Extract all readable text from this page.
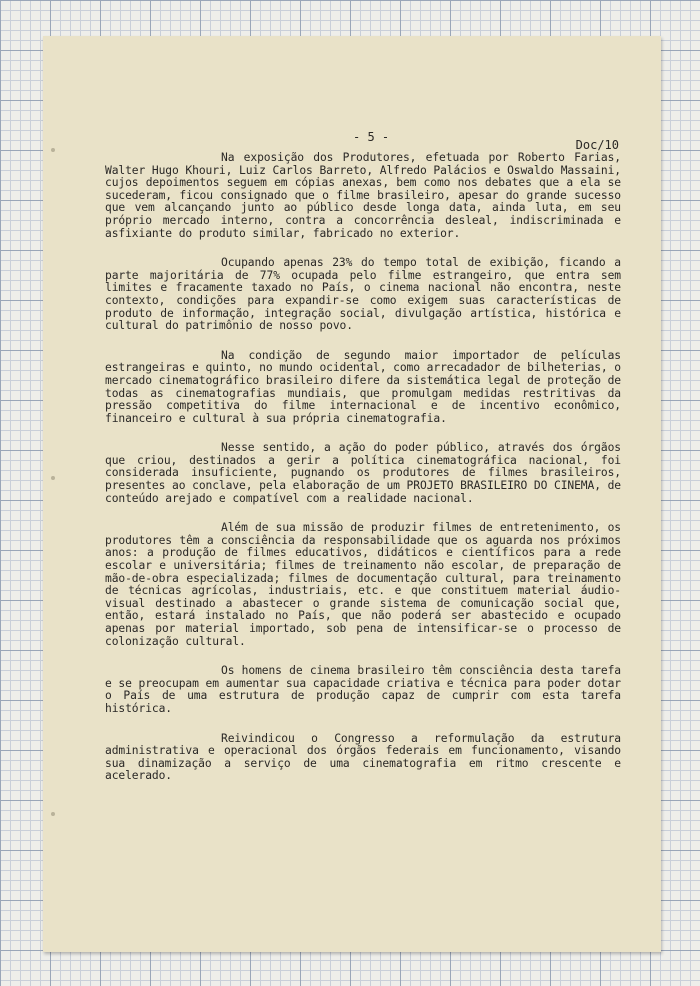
- 5 -
Doc/10

Na exposição dos Produtores, efetuada por Roberto Farias, Walter Hugo Khouri, Luiz Carlos Barreto, Alfredo Palácios e Oswaldo Massaini, cujos depoimentos seguem em cópias anexas, bem como nos debates que a ela se sucederam, ficou consignado que o filme brasileiro, apesar do grande sucesso que vem alcançando junto ao público desde longa data, ainda luta, em seu próprio mercado interno, contra a concorrência desleal, indiscriminada e asfixiante do produto similar, fabricado no exterior.

Ocupando apenas 23% do tempo total de exibição, ficando a parte majoritária de 77% ocupada pelo filme estrangeiro, que entra sem limites e fracamente taxado no País, o cinema nacional não encontra, neste contexto, condições para expandir-se como exigem suas características de produto de informação, integração social, divulgação artística, histórica e cultural do patrimônio de nosso povo.

Na condição de segundo maior importador de películas estrangeiras e quinto, no mundo ocidental, como arrecadador de bilheterias, o mercado cinematográfico brasileiro difere da sistemática legal de proteção de todas as cinematografias mundiais, que promulgam medidas restritivas da pressão competitiva do filme internacional e de incentivo econômico, financeiro e cultural à sua própria cinematografia.

Nesse sentido, a ação do poder público, através dos órgãos que criou, destinados a gerir a política cinematográfica nacional, foi considerada insuficiente, pugnando os produtores de filmes brasileiros, presentes ao conclave, pela elaboração de um PROJETO BRASILEIRO DO CINEMA, de conteúdo arejado e compatível com a realidade nacional.

Além de sua missão de produzir filmes de entretenimento, os produtores têm a consciência da responsabilidade que os aguarda nos próximos anos: a produção de filmes educativos, didáticos e científicos para a rede escolar e universitária; filmes de treinamento não escolar, de preparação de mão-de-obra especializada; filmes de documentação cultural, para treinamento de técnicas agrícolas, industriais, etc. e que constituem material áudio-visual destinado a abastecer o grande sistema de comunicação social que, então, estará instalado no País, que não poderá ser abastecido e ocupado apenas por material importado, sob pena de intensificar-se o processo de colonização cultural.

Os homens de cinema brasileiro têm consciência desta tarefa e se preocupam em aumentar sua capacidade criativa e técnica para poder dotar o País de uma estrutura de produção capaz de cumprir com esta tarefa histórica.

Reivindicou o Congresso a reformulação da estrutura administrativa e operacional dos órgãos federais em funcionamento, visando sua dinamização a serviço de uma cinematografia em ritmo crescente e acelerado.
